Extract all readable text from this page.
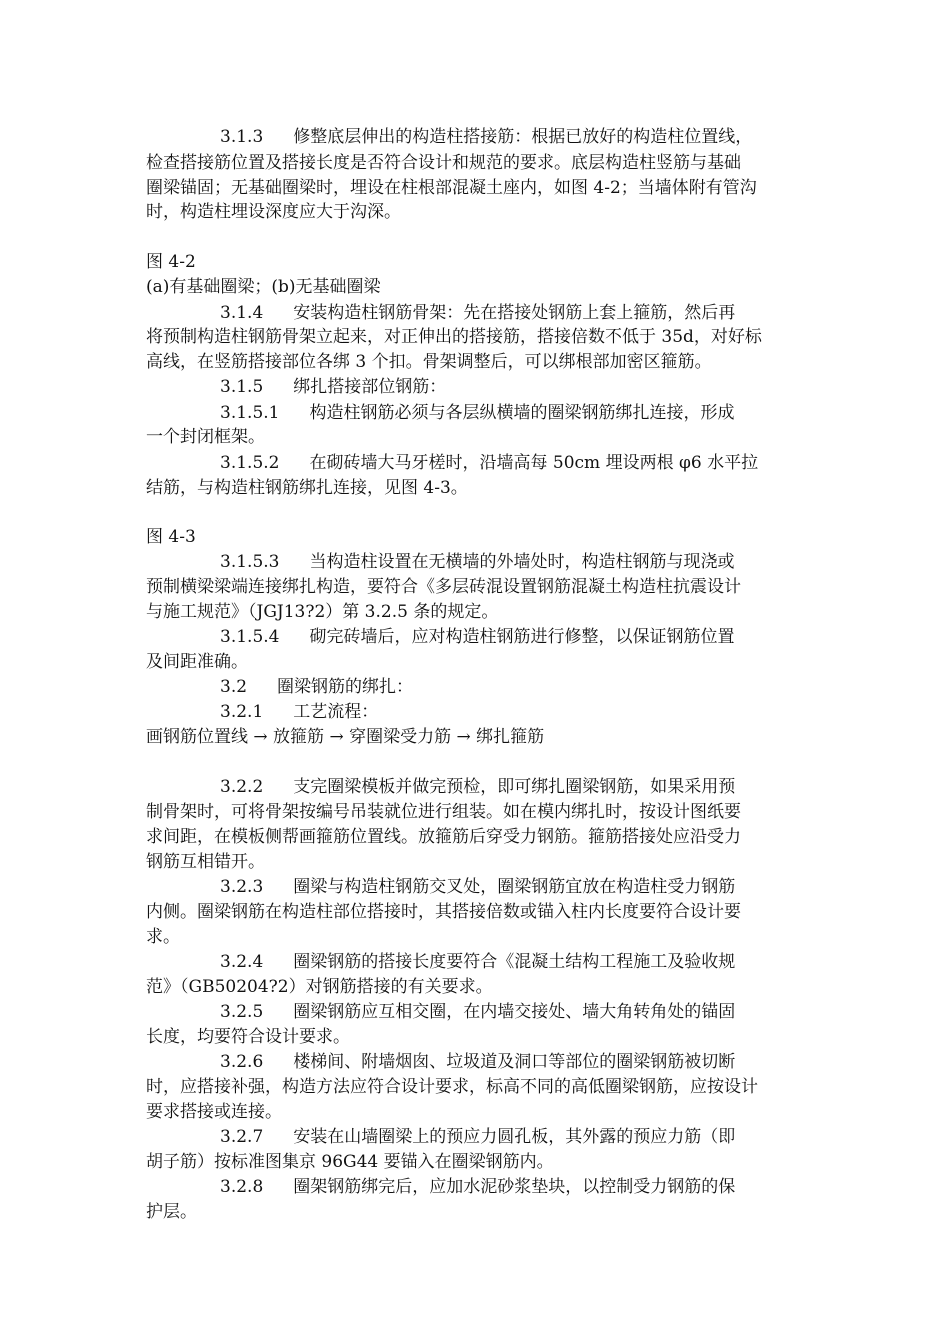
3.1.3 修整底层伸出的构造柱搭接筋：根据已放好的构造柱位置线，
检查搭接筋位置及搭接长度是否符合设计和规范的要求。底层构造柱竖筋与基础
圈梁锚固；无基础圈梁时，埋设在柱根部混凝土座内，如图 4-2；当墙体附有管沟
时，构造柱埋设深度应大于沟深。
图 4-2
(a)有基础圈梁；(b)无基础圈梁
3.1.4 安装构造柱钢筋骨架：先在搭接处钢筋上套上箍筋，然后再
将预制构造柱钢筋骨架立起来，对正伸出的搭接筋，搭接倍数不低于 35d，对好标
高线，在竖筋搭接部位各绑 3 个扣。骨架调整后，可以绑根部加密区箍筋。
3.1.5 绑扎搭接部位钢筋：
3.1.5.1 构造柱钢筋必须与各层纵横墙的圈梁钢筋绑扎连接，形成
一个封闭框架。
3.1.5.2 在砌砖墙大马牙槎时，沿墙高每 50cm 埋设两根 φ6 水平拉
结筋，与构造柱钢筋绑扎连接，见图 4-3。
图 4-3
3.1.5.3 当构造柱设置在无横墙的外墙处时，构造柱钢筋与现浇或
预制横梁梁端连接绑扎构造，要符合《多层砖混设置钢筋混凝土构造柱抗震设计
与施工规范》（JGJ13?2）第 3.2.5 条的规定。
3.1.5.4 砌完砖墙后，应对构造柱钢筋进行修整，以保证钢筋位置
及间距准确。
3.2 圈梁钢筋的绑扎：
3.2.1 工艺流程：
画钢筋位置线 → 放箍筋 → 穿圈梁受力筋 → 绑扎箍筋
3.2.2 支完圈梁模板并做完预检，即可绑扎圈梁钢筋，如果采用预
制骨架时，可将骨架按编号吊装就位进行组装。如在模内绑扎时，按设计图纸要
求间距，在模板侧帮画箍筋位置线。放箍筋后穿受力钢筋。箍筋搭接处应沿受力
钢筋互相错开。
3.2.3 圈梁与构造柱钢筋交叉处，圈梁钢筋宜放在构造柱受力钢筋
内侧。圈梁钢筋在构造柱部位搭接时，其搭接倍数或锚入柱内长度要符合设计要
求。
3.2.4 圈梁钢筋的搭接长度要符合《混凝土结构工程施工及验收规
范》（GB50204?2）对钢筋搭接的有关要求。
3.2.5 圈梁钢筋应互相交圈，在内墙交接处、墙大角转角处的锚固
长度，均要符合设计要求。
3.2.6 楼梯间、附墙烟囱、垃圾道及洞口等部位的圈梁钢筋被切断
时，应搭接补强，构造方法应符合设计要求，标高不同的高低圈梁钢筋，应按设计
要求搭接或连接。
3.2.7 安装在山墙圈梁上的预应力圆孔板，其外露的预应力筋（即
胡子筋）按标准图集京 96G44 要锚入在圈梁钢筋内。
3.2.8 圈架钢筋绑完后，应加水泥砂浆垫块，以控制受力钢筋的保
护层。
